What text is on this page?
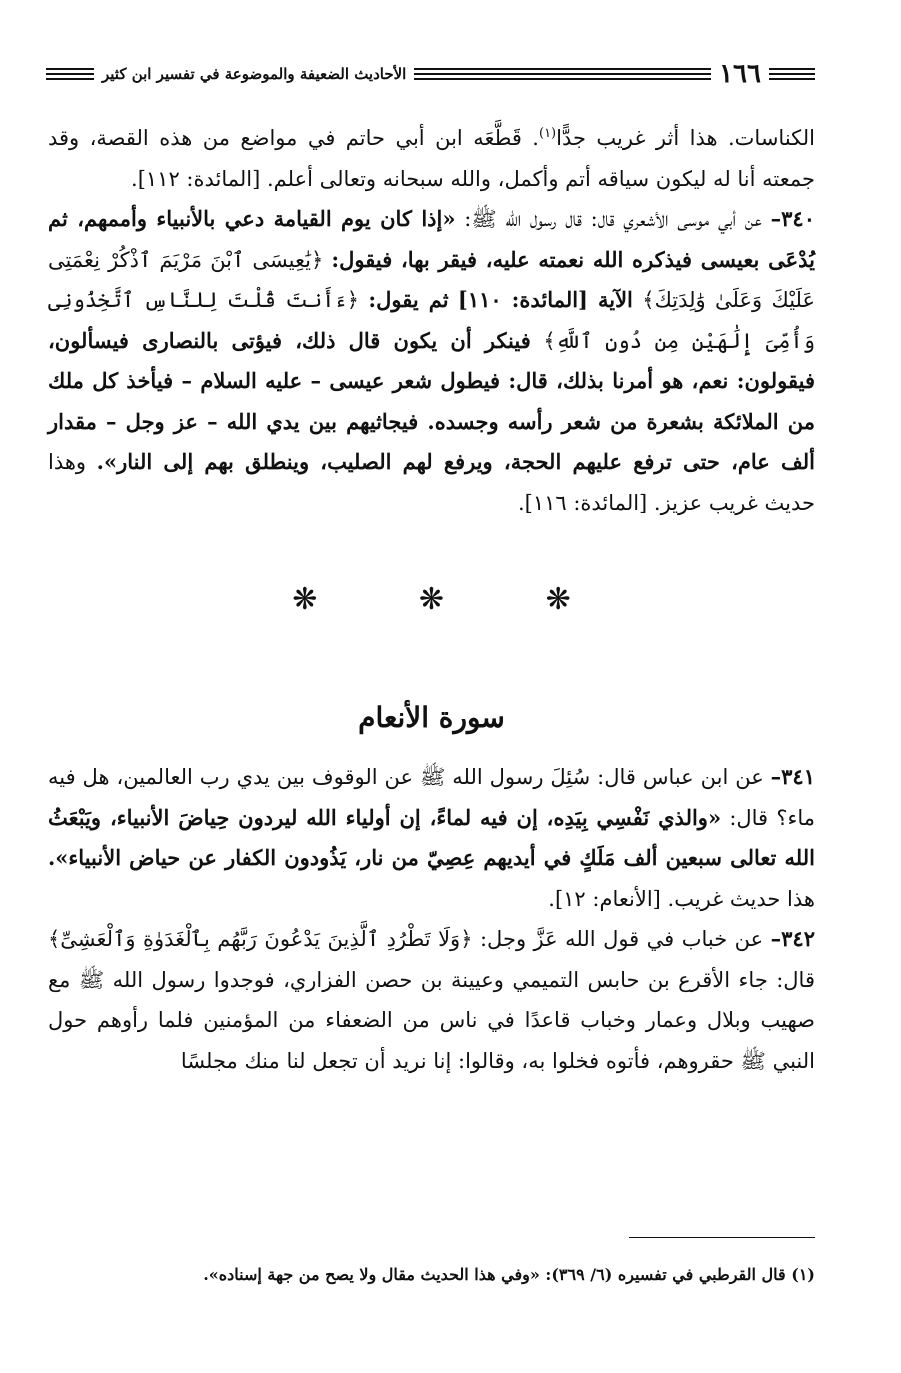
١٦٦
الأحاديث الضعيفة والموضوعة في تفسير ابن كثير

الكناسات. هذا أثر غريب جدًّا$^{(١)}$. قَطَّعَه ابن أبي حاتم في مواضع من هذه القصة، وقد جمعته أنا له ليكون سياقه أتم وأكمل، والله سبحانه وتعالى أعلم. [المائدة: ١١٢].

٣٤٠– عن أبي موسى الأشعري قال: قال رسول الله ﷺ: «إذا كان يوم القيامة دعي بالأنبياء وأممهم، ثم يُدْعَى بعيسى فيذكره الله نعمته عليه، فيقر بها، فيقول: ﴿يَٰعِيسَى ٱبْنَ مَرْيَمَ ٱذْكُرْ نِعْمَتِى عَلَيْكَ وَعَلَىٰ وَٰلِدَتِكَ﴾ الآية [المائدة: ١١٠] ثم يقول: ﴿ءَأَنتَ قُلْتَ لِلنَّاسِ ٱتَّخِذُونِى وَأُمِّىَ إِلَٰهَيْنِ مِن دُونِ ٱللَّهِ﴾ فينكر أن يكون قال ذلك، فيؤتى بالنصارى فيسألون، فيقولون: نعم، هو أمرنا بذلك، قال: فيطول شعر عيسى – عليه السلام – فيأخذ كل ملك من الملائكة بشعرة من شعر رأسه وجسده. فيجاثيهم بين يدي الله – عز وجل – مقدار ألف عام، حتى ترفع عليهم الحجة، ويرفع لهم الصليب، وينطلق بهم إلى النار». وهذا حديث غريب عزيز. [المائدة: ١١٦].

❋ ❋ ❋
سورة الأنعام

٣٤١– عن ابن عباس قال: سُئِلَ رسول الله ﷺ عن الوقوف بين يدي رب العالمين، هل فيه ماء؟ قال: «والذي نَفْسِي بِيَدِه، إن فيه لماءً، إن أولياء الله ليردون حِياضَ الأنبياء، ويَبْعَثُ الله تعالى سبعين ألف مَلَكٍ في أيديهم عِصِيّ من نار، يَذُودون الكفار عن حياض الأنبياء». هذا حديث غريب. [الأنعام: ١٢].

٣٤٢– عن خباب في قول الله عَزَّ وجل: ﴿وَلَا تَطْرُدِ ٱلَّذِينَ يَدْعُونَ رَبَّهُم بِٱلْغَدَوٰةِ وَٱلْعَشِىِّ﴾ قال: جاء الأقرع بن حابس التميمي وعيينة بن حصن الفزاري، فوجدوا رسول الله ﷺ مع صهيب وبلال وعمار وخباب قاعدًا في ناس من الضعفاء من المؤمنين فلما رأوهم حول النبي ﷺ حقروهم، فأتوه فخلوا به، وقالوا: إنا نريد أن تجعل لنا منك مجلسًا

(١) قال القرطبي في تفسيره (٦/ ٣٦٩): «وفي هذا الحديث مقال ولا يصح من جهة إسناده».
